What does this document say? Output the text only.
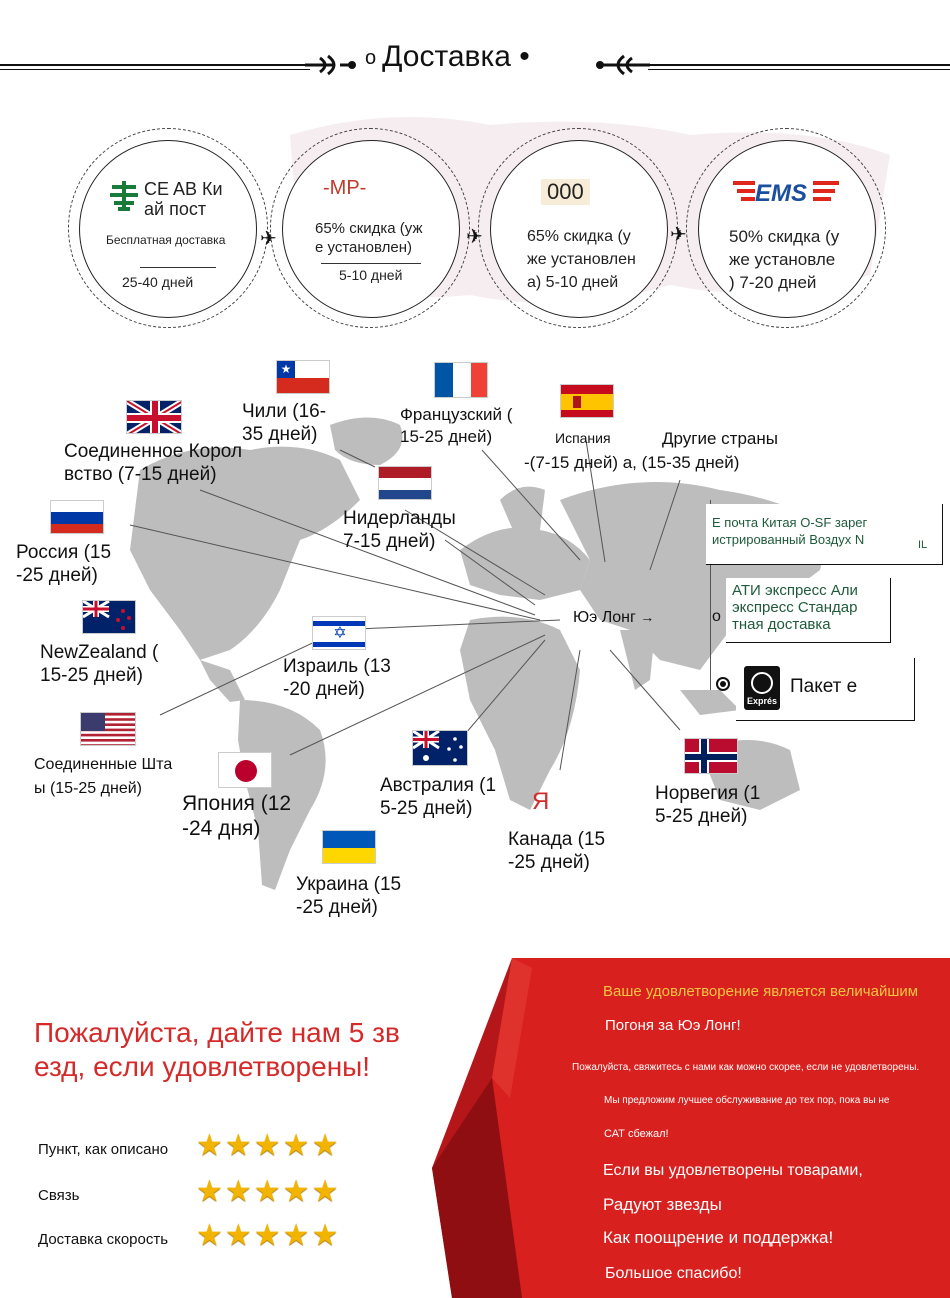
o Доставка •
CE AB Ки
ай пост
Бесплатная доставка
25-40 дней
✈
-MP-
65% скидка (уж
е установлен)
5-10 дней
✈
000
65% скидка (у
же установлен
а) 5-10 дней
✈
EMS
50% скидка (у
же установле
) 7-20 дней
★
✡
Чили (16-
35 дней)
Соединенное Корол
вство (7-15 дней)
Французский (
15-25 дней)	Испания	Другие страны
-(7-15 дней) а, (15-35 дней)
Россия (15
-25 дней)
Нидерланды
7-15 дней)
NewZealand (
15-25 дней)	Израиль (13
-20 дней)
Соединенные Шта
ы (15-25 дней)
Япония (12
-24 дня)
Австралия (1
5-25 дней)	Я
Канада (15
-25 дней)
Норвегия (1
5-25 дней)
Украина (15
-25 дней)
Юэ Лонг →	o
E почта Китая O-SF зарег
истрированный Воздух N	IL
АТИ экспресс Али
экспресс Стандар
тная доставка
Exprés
Пакет е
Пожалуйста, дайте нам 5 зв
езд, если удовлетворены!
Пункт, как описано ★★★★★
Связь	★★★★★
Доставка скорость ★★★★★
Ваше удовлетворение является величайшим
Погоня за Юэ Лонг!
Пожалуйста, свяжитесь с нами как можно скорее, если не удовлетворены.
Мы предложим лучшее обслуживание до тех пор, пока вы не
САТ сбежал!
Если вы удовлетворены товарами,
Радуют звезды
Как поощрение и поддержка!
Большое спасибо!
